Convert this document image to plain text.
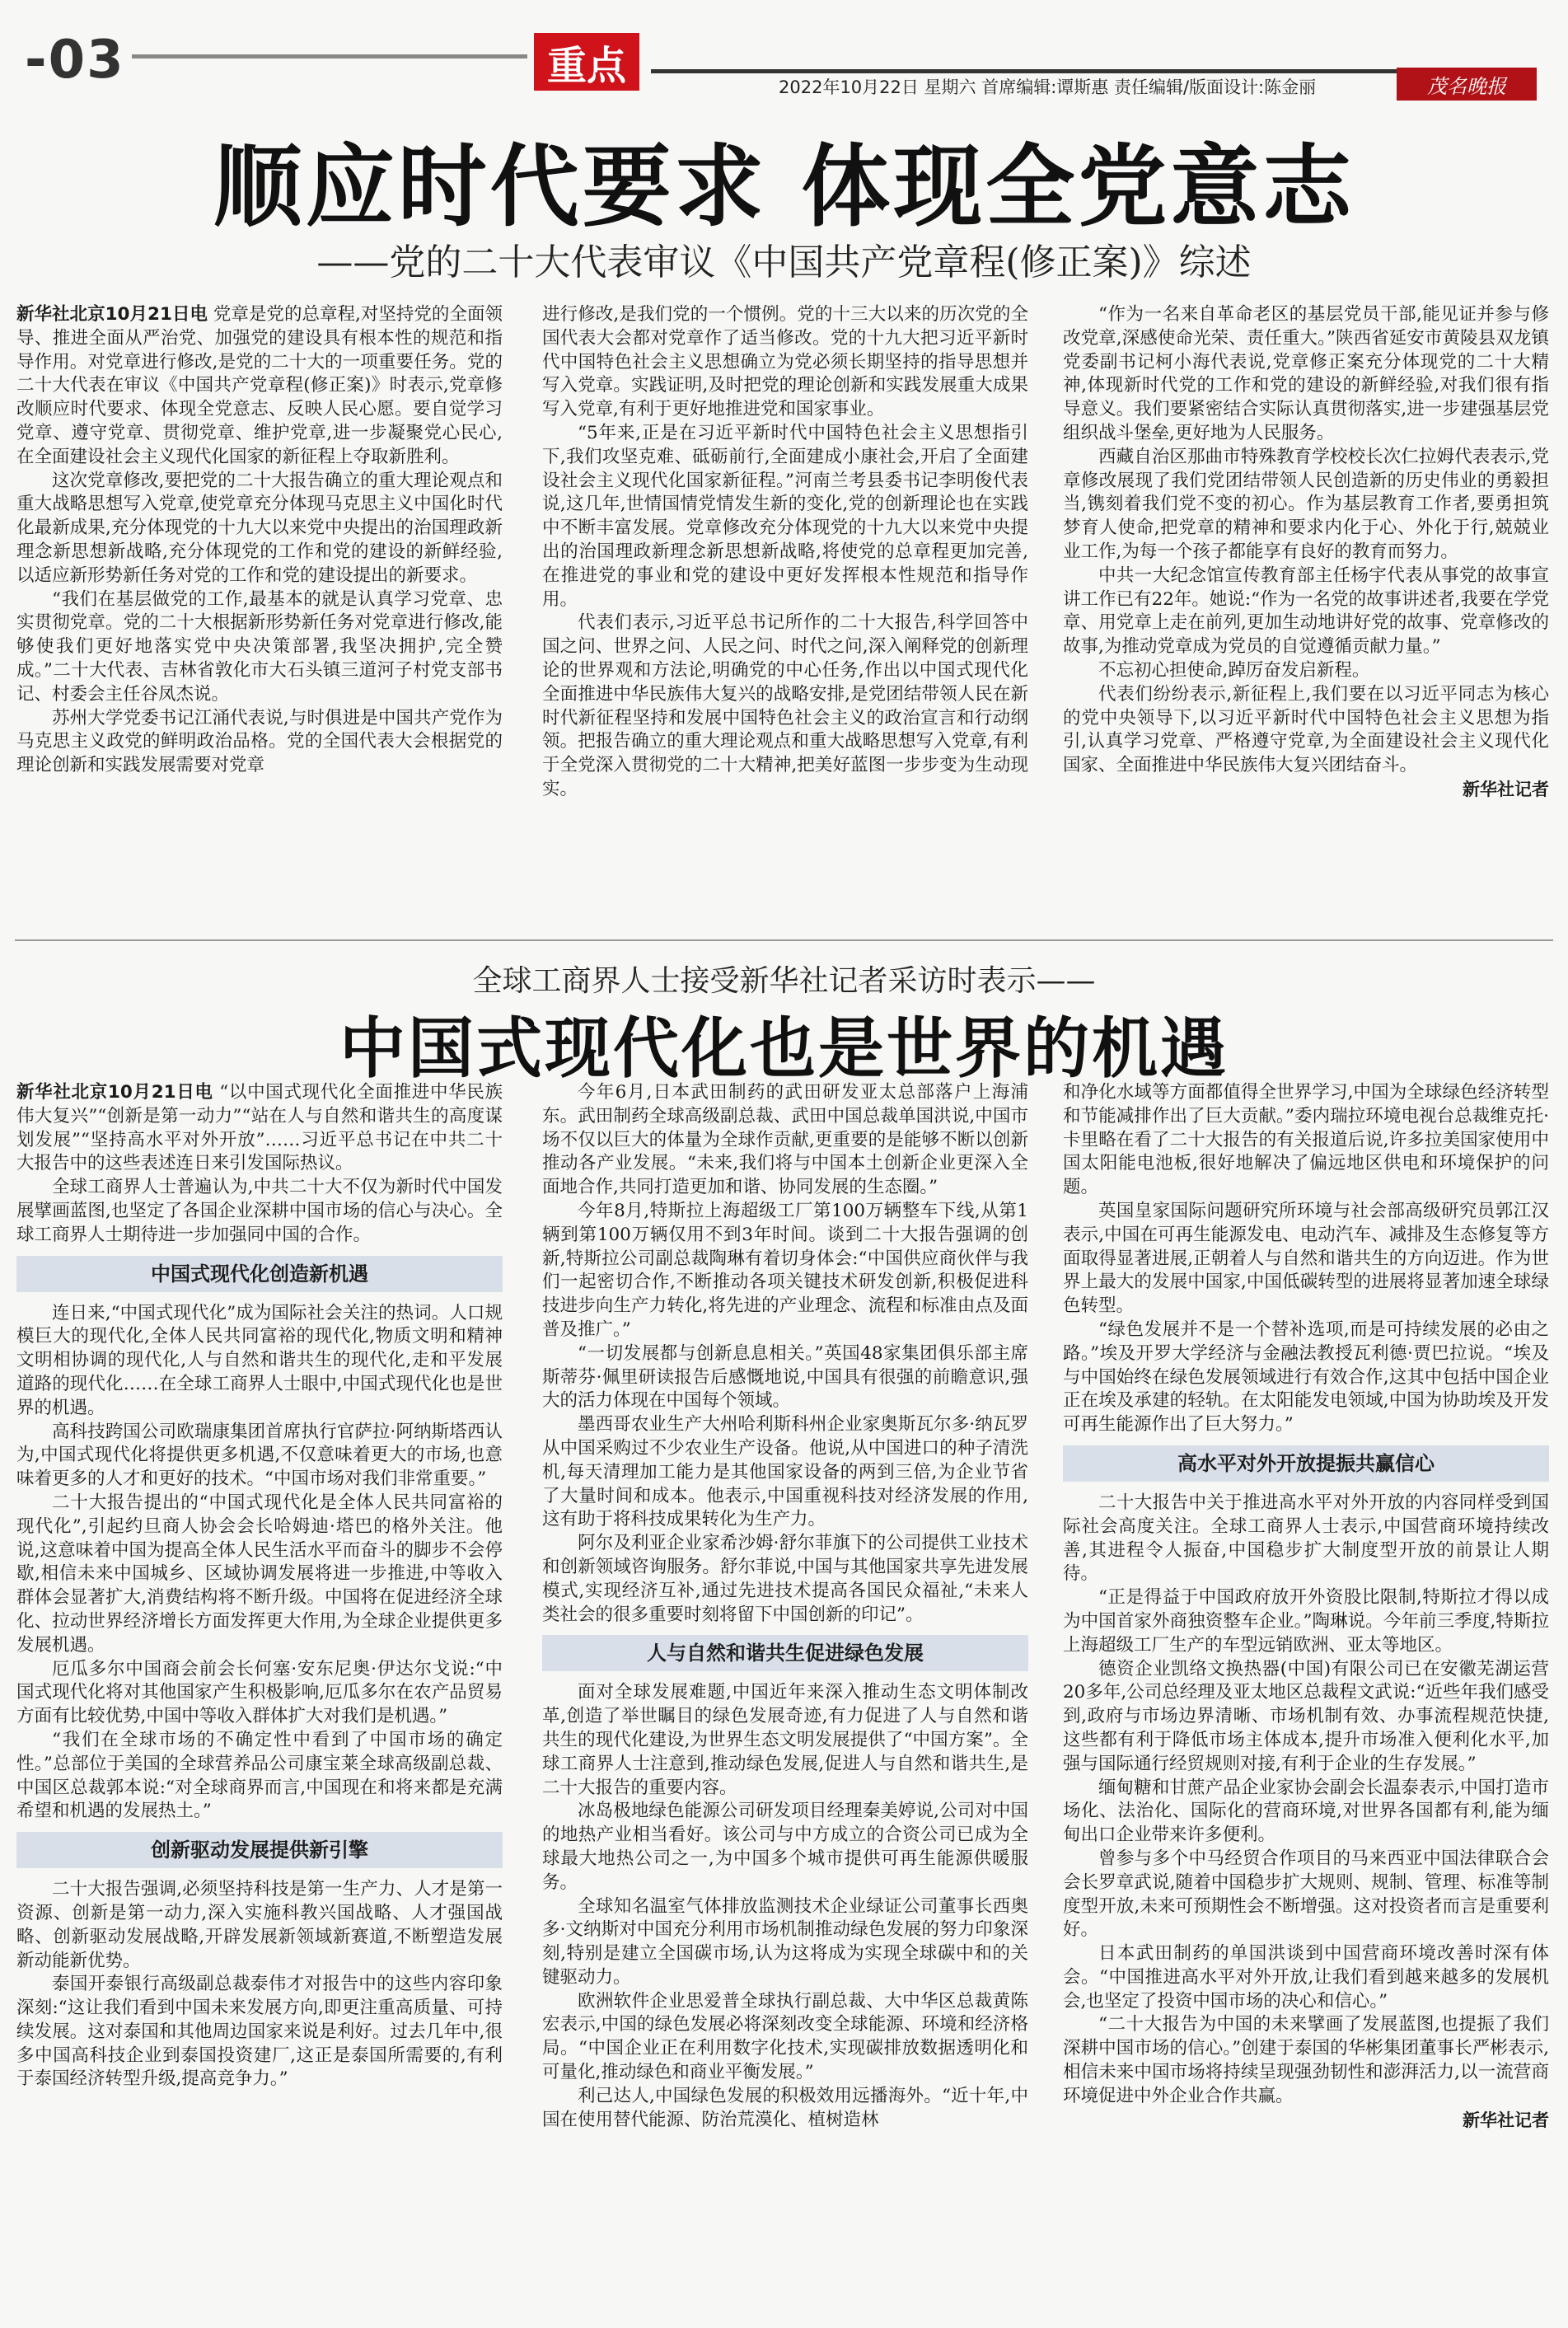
-03	重点	2022年10月22日 星期六 首席编辑:谭斯惠 责任编辑/版面设计:陈金丽	茂名晚报
顺应时代要求 体现全党意志
——党的二十大代表审议《中国共产党章程(修正案)》综述

新华社北京10月21日电 党章是党的总章程,对坚持党的全面领导、推进全面从严治党、加强党的建设具有根本性的规范和指导作用。对党章进行修改,是党的二十大的一项重要任务。党的二十大代表在审议《中国共产党章程(修正案)》时表示,党章修改顺应时代要求、体现全党意志、反映人民心愿。要自觉学习党章、遵守党章、贯彻党章、维护党章,进一步凝聚党心民心,在全面建设社会主义现代化国家的新征程上夺取新胜利。

这次党章修改,要把党的二十大报告确立的重大理论观点和重大战略思想写入党章,使党章充分体现马克思主义中国化时代化最新成果,充分体现党的十九大以来党中央提出的治国理政新理念新思想新战略,充分体现党的工作和党的建设的新鲜经验,以适应新形势新任务对党的工作和党的建设提出的新要求。

“我们在基层做党的工作,最基本的就是认真学习党章、忠实贯彻党章。党的二十大根据新形势新任务对党章进行修改,能够使我们更好地落实党中央决策部署,我坚决拥护,完全赞成。”二十大代表、吉林省敦化市大石头镇三道河子村党支部书记、村委会主任谷凤杰说。

苏州大学党委书记江涌代表说,与时俱进是中国共产党作为马克思主义政党的鲜明政治品格。党的全国代表大会根据党的理论创新和实践发展需要对党章

进行修改,是我们党的一个惯例。党的十三大以来的历次党的全国代表大会都对党章作了适当修改。党的十九大把习近平新时代中国特色社会主义思想确立为党必须长期坚持的指导思想并写入党章。实践证明,及时把党的理论创新和实践发展重大成果写入党章,有利于更好地推进党和国家事业。

“5年来,正是在习近平新时代中国特色社会主义思想指引下,我们攻坚克难、砥砺前行,全面建成小康社会,开启了全面建设社会主义现代化国家新征程。”河南兰考县委书记李明俊代表说,这几年,世情国情党情发生新的变化,党的创新理论也在实践中不断丰富发展。党章修改充分体现党的十九大以来党中央提出的治国理政新理念新思想新战略,将使党的总章程更加完善,在推进党的事业和党的建设中更好发挥根本性规范和指导作用。

代表们表示,习近平总书记所作的二十大报告,科学回答中国之问、世界之问、人民之问、时代之问,深入阐释党的创新理论的世界观和方法论,明确党的中心任务,作出以中国式现代化全面推进中华民族伟大复兴的战略安排,是党团结带领人民在新时代新征程坚持和发展中国特色社会主义的政治宣言和行动纲领。把报告确立的重大理论观点和重大战略思想写入党章,有利于全党深入贯彻党的二十大精神,把美好蓝图一步步变为生动现实。

“作为一名来自革命老区的基层党员干部,能见证并参与修改党章,深感使命光荣、责任重大。”陕西省延安市黄陵县双龙镇党委副书记柯小海代表说,党章修正案充分体现党的二十大精神,体现新时代党的工作和党的建设的新鲜经验,对我们很有指导意义。我们要紧密结合实际认真贯彻落实,进一步建强基层党组织战斗堡垒,更好地为人民服务。

西藏自治区那曲市特殊教育学校校长次仁拉姆代表表示,党章修改展现了我们党团结带领人民创造新的历史伟业的勇毅担当,镌刻着我们党不变的初心。作为基层教育工作者,要勇担筑梦育人使命,把党章的精神和要求内化于心、外化于行,兢兢业业工作,为每一个孩子都能享有良好的教育而努力。

中共一大纪念馆宣传教育部主任杨宇代表从事党的故事宣讲工作已有22年。她说:“作为一名党的故事讲述者,我要在学党章、用党章上走在前列,更加生动地讲好党的故事、党章修改的故事,为推动党章成为党员的自觉遵循贡献力量。”

不忘初心担使命,踔厉奋发启新程。

代表们纷纷表示,新征程上,我们要在以习近平同志为核心的党中央领导下,以习近平新时代中国特色社会主义思想为指引,认真学习党章、严格遵守党章,为全面建设社会主义现代化国家、全面推进中华民族伟大复兴团结奋斗。

新华社记者
全球工商界人士接受新华社记者采访时表示——
中国式现代化也是世界的机遇

新华社北京10月21日电 “以中国式现代化全面推进中华民族伟大复兴”“创新是第一动力”“站在人与自然和谐共生的高度谋划发展”“坚持高水平对外开放”……习近平总书记在中共二十大报告中的这些表述连日来引发国际热议。

全球工商界人士普遍认为,中共二十大不仅为新时代中国发展擘画蓝图,也坚定了各国企业深耕中国市场的信心与决心。全球工商界人士期待进一步加强同中国的合作。

中国式现代化创造新机遇

连日来,“中国式现代化”成为国际社会关注的热词。人口规模巨大的现代化,全体人民共同富裕的现代化,物质文明和精神文明相协调的现代化,人与自然和谐共生的现代化,走和平发展道路的现代化……在全球工商界人士眼中,中国式现代化也是世界的机遇。

高科技跨国公司欧瑞康集团首席执行官萨拉·阿纳斯塔西认为,中国式现代化将提供更多机遇,不仅意味着更大的市场,也意味着更多的人才和更好的技术。“中国市场对我们非常重要。”

二十大报告提出的“中国式现代化是全体人民共同富裕的现代化”,引起约旦商人协会会长哈姆迪·塔巴的格外关注。他说,这意味着中国为提高全体人民生活水平而奋斗的脚步不会停歇,相信未来中国城乡、区域协调发展将进一步推进,中等收入群体会显著扩大,消费结构将不断升级。中国将在促进经济全球化、拉动世界经济增长方面发挥更大作用,为全球企业提供更多发展机遇。

厄瓜多尔中国商会前会长何塞·安东尼奥·伊达尔戈说:“中国式现代化将对其他国家产生积极影响,厄瓜多尔在农产品贸易方面有比较优势,中国中等收入群体扩大对我们是机遇。”

“我们在全球市场的不确定性中看到了中国市场的确定性。”总部位于美国的全球营养品公司康宝莱全球高级副总裁、中国区总裁郭本说:“对全球商界而言,中国现在和将来都是充满希望和机遇的发展热土。”

创新驱动发展提供新引擎

二十大报告强调,必须坚持科技是第一生产力、人才是第一资源、创新是第一动力,深入实施科教兴国战略、人才强国战略、创新驱动发展战略,开辟发展新领域新赛道,不断塑造发展新动能新优势。

泰国开泰银行高级副总裁泰伟才对报告中的这些内容印象深刻:“这让我们看到中国未来发展方向,即更注重高质量、可持续发展。这对泰国和其他周边国家来说是利好。过去几年中,很多中国高科技企业到泰国投资建厂,这正是泰国所需要的,有利于泰国经济转型升级,提高竞争力。”

今年6月,日本武田制药的武田研发亚太总部落户上海浦东。武田制药全球高级副总裁、武田中国总裁单国洪说,中国市场不仅以巨大的体量为全球作贡献,更重要的是能够不断以创新推动各产业发展。“未来,我们将与中国本土创新企业更深入全面地合作,共同打造更加和谐、协同发展的生态圈。”

今年8月,特斯拉上海超级工厂第100万辆整车下线,从第1辆到第100万辆仅用不到3年时间。谈到二十大报告强调的创新,特斯拉公司副总裁陶琳有着切身体会:“中国供应商伙伴与我们一起密切合作,不断推动各项关键技术研发创新,积极促进科技进步向生产力转化,将先进的产业理念、流程和标准由点及面普及推广。”

“一切发展都与创新息息相关。”英国48家集团俱乐部主席斯蒂芬·佩里研读报告后感慨地说,中国具有很强的前瞻意识,强大的活力体现在中国每个领域。

墨西哥农业生产大州哈利斯科州企业家奥斯瓦尔多·纳瓦罗从中国采购过不少农业生产设备。他说,从中国进口的种子清洗机,每天清理加工能力是其他国家设备的两到三倍,为企业节省了大量时间和成本。他表示,中国重视科技对经济发展的作用,这有助于将科技成果转化为生产力。

阿尔及利亚企业家希沙姆·舒尔菲旗下的公司提供工业技术和创新领域咨询服务。舒尔菲说,中国与其他国家共享先进发展模式,实现经济互补,通过先进技术提高各国民众福祉,“未来人类社会的很多重要时刻将留下中国创新的印记”。

人与自然和谐共生促进绿色发展

面对全球发展难题,中国近年来深入推动生态文明体制改革,创造了举世瞩目的绿色发展奇迹,有力促进了人与自然和谐共生的现代化建设,为世界生态文明发展提供了“中国方案”。全球工商界人士注意到,推动绿色发展,促进人与自然和谐共生,是二十大报告的重要内容。

冰岛极地绿色能源公司研发项目经理秦美婷说,公司对中国的地热产业相当看好。该公司与中方成立的合资公司已成为全球最大地热公司之一,为中国多个城市提供可再生能源供暖服务。

全球知名温室气体排放监测技术企业绿证公司董事长西奥多·文纳斯对中国充分利用市场机制推动绿色发展的努力印象深刻,特别是建立全国碳市场,认为这将成为实现全球碳中和的关键驱动力。

欧洲软件企业思爱普全球执行副总裁、大中华区总裁黄陈宏表示,中国的绿色发展必将深刻改变全球能源、环境和经济格局。“中国企业正在利用数字化技术,实现碳排放数据透明化和可量化,推动绿色和商业平衡发展。”

利己达人,中国绿色发展的积极效用远播海外。“近十年,中国在使用替代能源、防治荒漠化、植树造林

和净化水域等方面都值得全世界学习,中国为全球绿色经济转型和节能减排作出了巨大贡献。”委内瑞拉环境电视台总裁维克托·卡里略在看了二十大报告的有关报道后说,许多拉美国家使用中国太阳能电池板,很好地解决了偏远地区供电和环境保护的问题。

英国皇家国际问题研究所环境与社会部高级研究员郭江汉表示,中国在可再生能源发电、电动汽车、减排及生态修复等方面取得显著进展,正朝着人与自然和谐共生的方向迈进。作为世界上最大的发展中国家,中国低碳转型的进展将显著加速全球绿色转型。

“绿色发展并不是一个替补选项,而是可持续发展的必由之路。”埃及开罗大学经济与金融法教授瓦利德·贾巴拉说。“埃及与中国始终在绿色发展领域进行有效合作,这其中包括中国企业正在埃及承建的轻轨。在太阳能发电领域,中国为协助埃及开发可再生能源作出了巨大努力。”

高水平对外开放提振共赢信心

二十大报告中关于推进高水平对外开放的内容同样受到国际社会高度关注。全球工商界人士表示,中国营商环境持续改善,其进程令人振奋,中国稳步扩大制度型开放的前景让人期待。

“正是得益于中国政府放开外资股比限制,特斯拉才得以成为中国首家外商独资整车企业。”陶琳说。今年前三季度,特斯拉上海超级工厂生产的车型远销欧洲、亚太等地区。

德资企业凯络文换热器(中国)有限公司已在安徽芜湖运营20多年,公司总经理及亚太地区总裁程文武说:“近些年我们感受到,政府与市场边界清晰、市场机制有效、办事流程规范快捷,这些都有利于降低市场主体成本,提升市场准入便利化水平,加强与国际通行经贸规则对接,有利于企业的生存发展。”

缅甸糖和甘蔗产品企业家协会副会长温泰表示,中国打造市场化、法治化、国际化的营商环境,对世界各国都有利,能为缅甸出口企业带来许多便利。

曾参与多个中马经贸合作项目的马来西亚中国法律联合会会长罗章武说,随着中国稳步扩大规则、规制、管理、标准等制度型开放,未来可预期性会不断增强。这对投资者而言是重要利好。

日本武田制药的单国洪谈到中国营商环境改善时深有体会。“中国推进高水平对外开放,让我们看到越来越多的发展机会,也坚定了投资中国市场的决心和信心。”

“二十大报告为中国的未来擘画了发展蓝图,也提振了我们深耕中国市场的信心。”创建于泰国的华彬集团董事长严彬表示,相信未来中国市场将持续呈现强劲韧性和澎湃活力,以一流营商环境促进中外企业合作共赢。

新华社记者
